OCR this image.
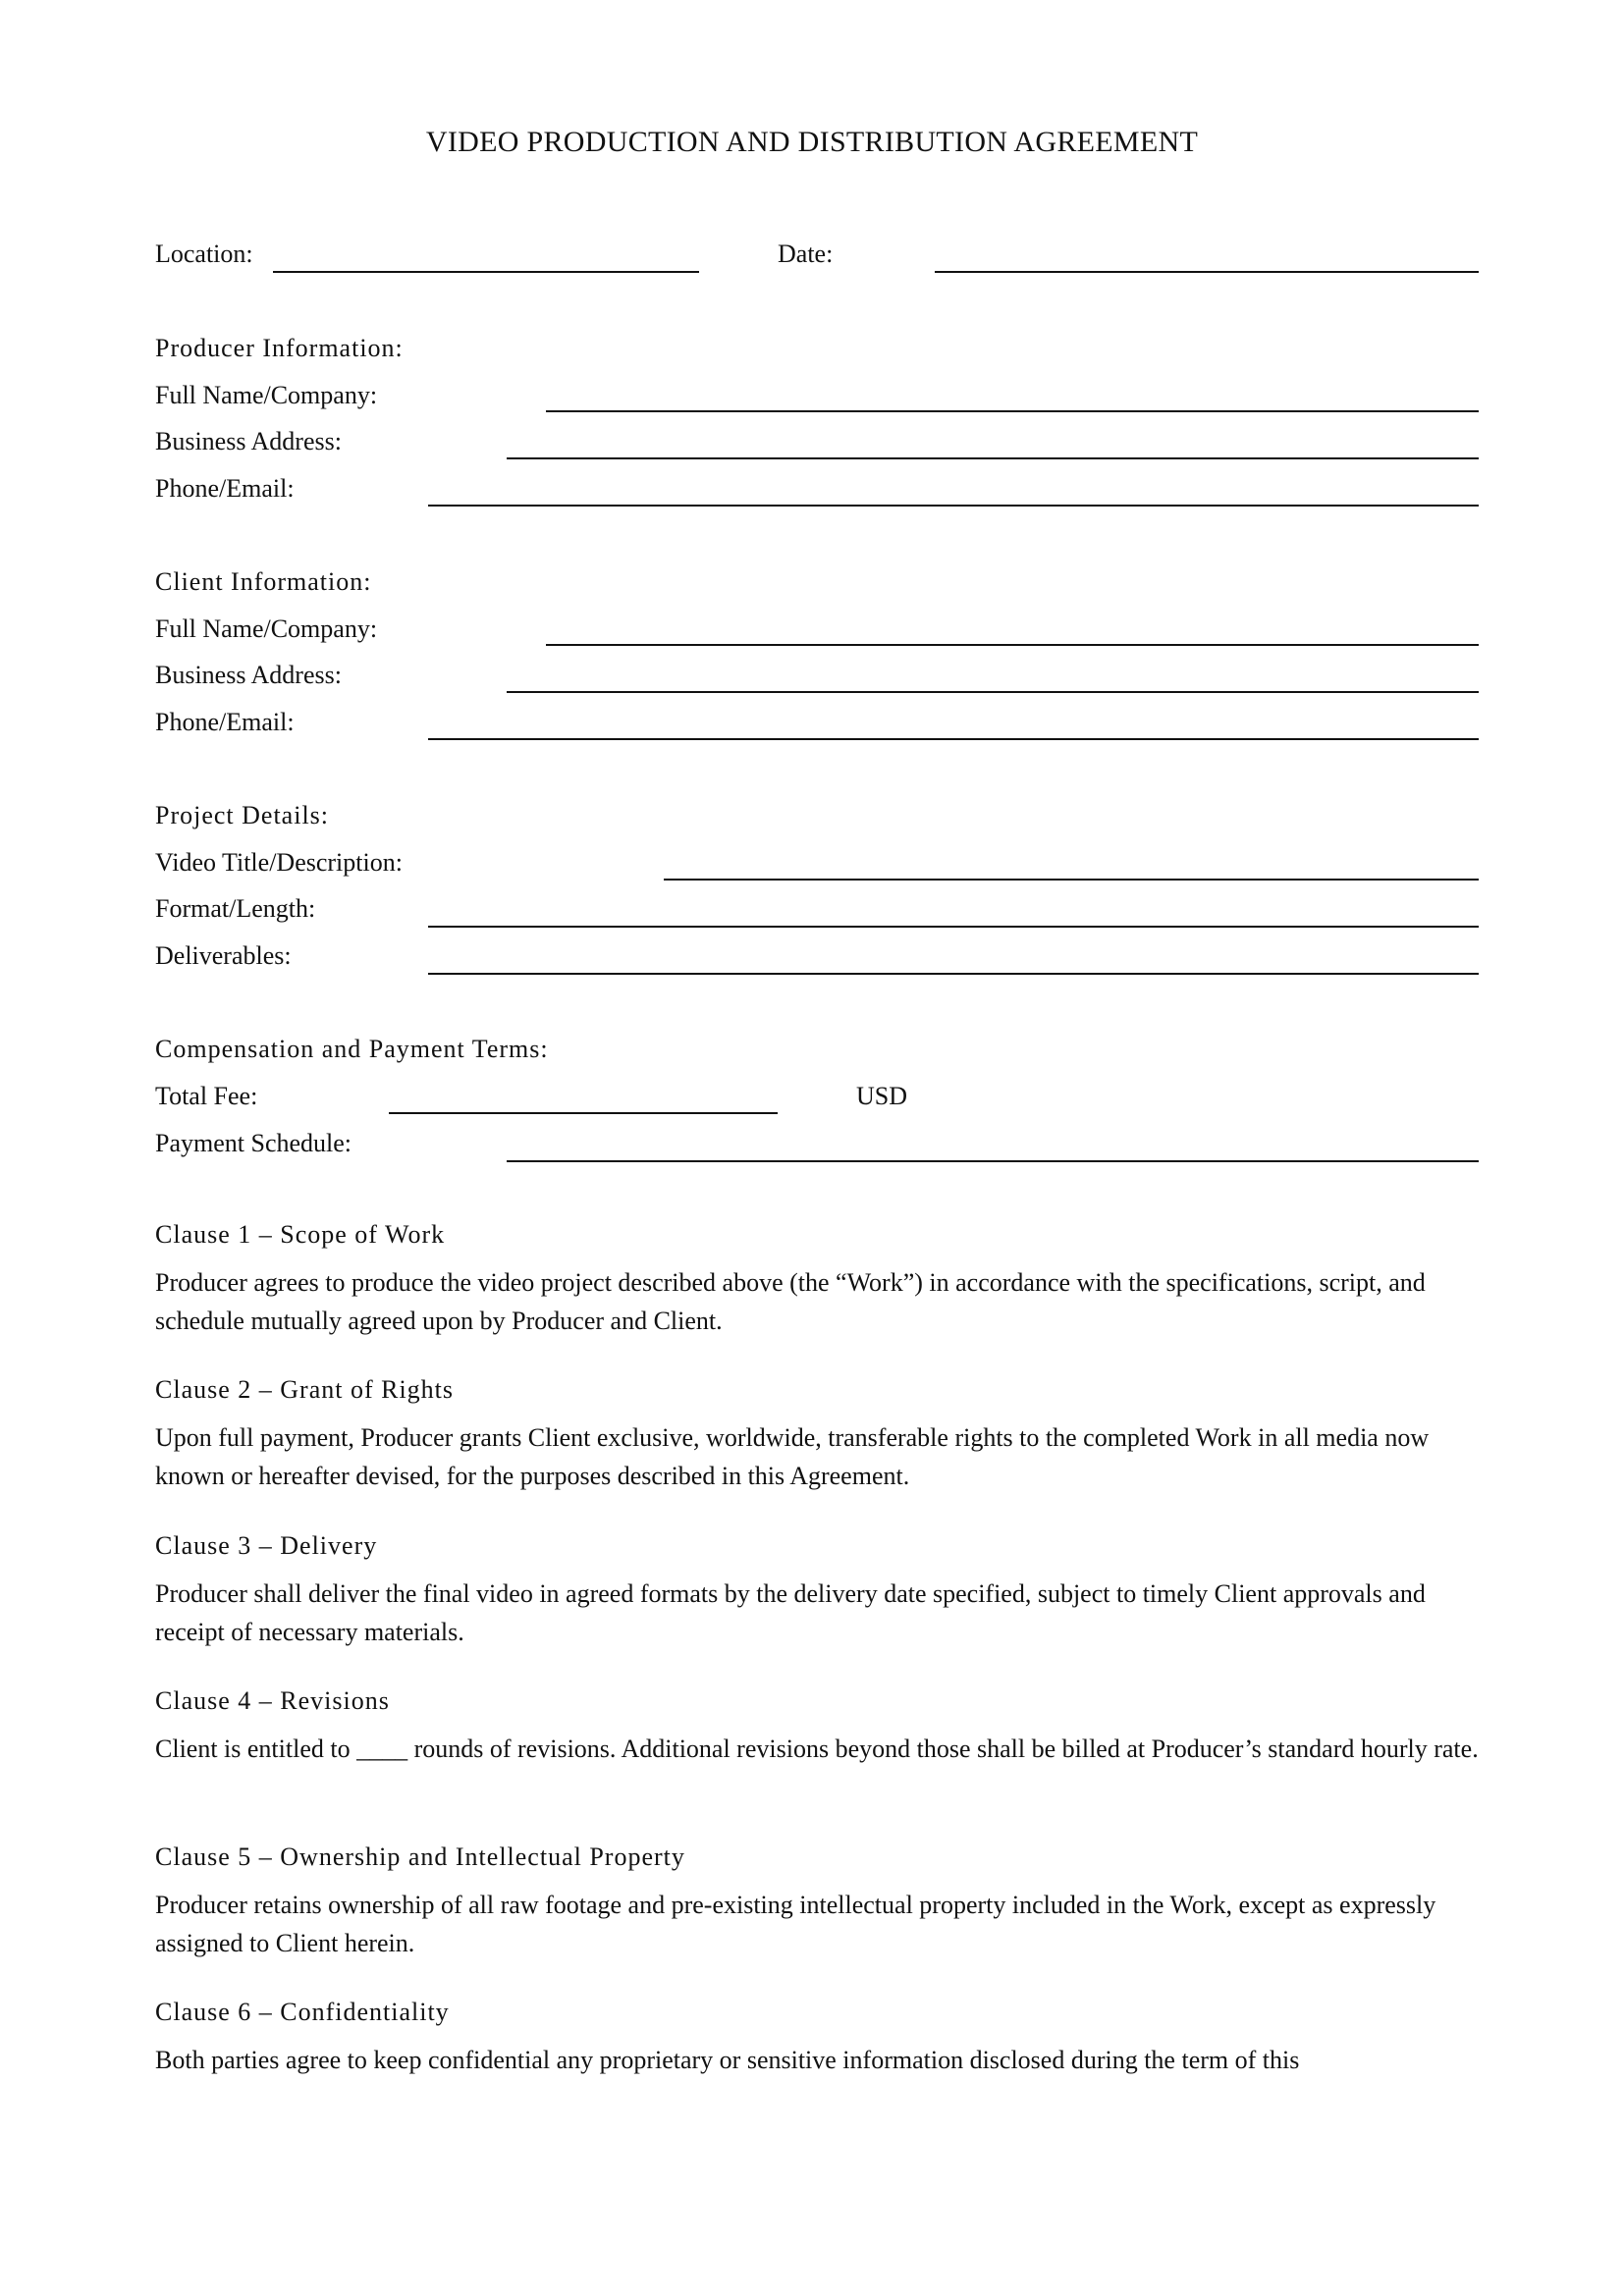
VIDEO PRODUCTION AND DISTRIBUTION AGREEMENT
Location:	Date:
Producer Information:
Full Name/Company:
Business Address:
Phone/Email:
Client Information:
Full Name/Company:
Business Address:
Phone/Email:
Project Details:
Video Title/Description:
Format/Length:
Deliverables:
Compensation and Payment Terms:
Total Fee:	USD
Payment Schedule:
Clause 1 – Scope of Work
Producer agrees to produce the video project described above (the “Work”) in accordance with the specifications, script, and schedule mutually agreed upon by Producer and Client.
Clause 2 – Grant of Rights
Upon full payment, Producer grants Client exclusive, worldwide, transferable rights to the completed Work in all media now known or hereafter devised, for the purposes described in this Agreement.
Clause 3 – Delivery
Producer shall deliver the final video in agreed formats by the delivery date specified, subject to timely Client approvals and receipt of necessary materials.
Clause 4 – Revisions
Client is entitled to ____ rounds of revisions. Additional revisions beyond those shall be billed at Producer’s standard hourly rate.
Clause 5 – Ownership and Intellectual Property
Producer retains ownership of all raw footage and pre-existing intellectual property included in the Work, except as expressly assigned to Client herein.
Clause 6 – Confidentiality
Both parties agree to keep confidential any proprietary or sensitive information disclosed during the term of this
